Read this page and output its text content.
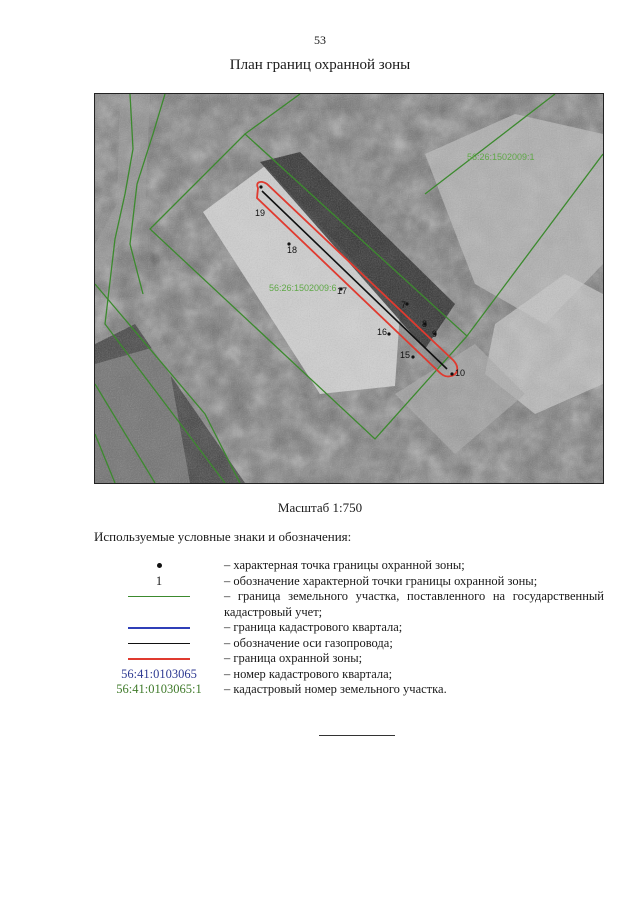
53
План границ охранной зоны
56:26:1502009:1
56:26:1502009:6
19
18
17
16
15
10
7
8
9
Масштаб 1:750
Используемые условные знаки и обозначения:
– характерная точка границы охранной зоны;
1	– обозначение характерной точки границы охранной зоны;
– граница земельного участка, поставленного на государственный кадастровый учет;
– граница кадастрового квартала;
– обозначение оси газопровода;
– граница охранной зоны;
56:41:0103065 – номер кадастрового квартала;
56:41:0103065:1 – кадастровый номер земельного участка.
